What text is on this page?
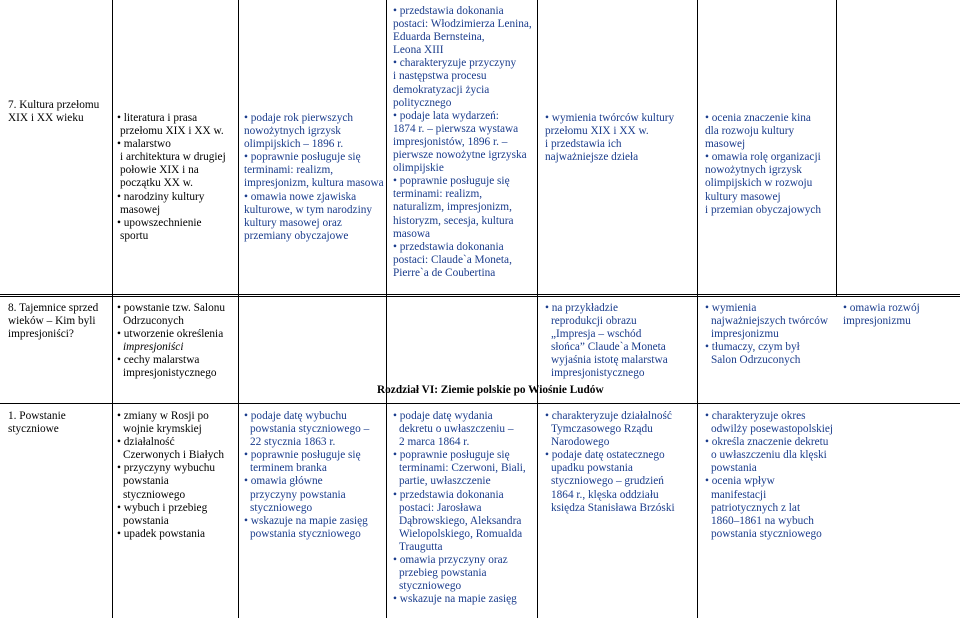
7. Kultura przełomu
XIX i XX wieku
•	literatura i prasa
przełomu XIX i XX w.
• malarstwo
i architektura w drugiej
połowie XIX i na
początku XX w.
• narodziny kultury
masowej
• upowszechnienie
sportu
• podaje rok pierwszych
nowożytnych igrzysk
olimpijskich – 1896 r.
• poprawnie posługuje się
terminami: realizm,
impresjonizm, kultura masowa
• omawia nowe zjawiska
kulturowe, w tym narodziny
kultury masowej oraz
przemiany obyczajowe
• przedstawia dokonania
postaci: Włodzimierza Lenina,
Eduarda Bernsteina,
Leona XIII
• charakteryzuje przyczyny
i następstwa procesu
demokratyzacji życia
politycznego
• podaje lata wydarzeń:
1874 r. – pierwsza wystawa
impresjonistów, 1896 r. –
pierwsze nowożytne igrzyska
olimpijskie
• poprawnie posługuje się
terminami: realizm,
naturalizm, impresjonizm,
historyzm, secesja, kultura
masowa
• przedstawia dokonania
postaci: Claude`a Moneta,
Pierre`a de Coubertina
• wymienia twórców kultury
przełomu XIX i XX w.
i przedstawia ich
najważniejsze dzieła
• ocenia znaczenie kina
dla rozwoju kultury
masowej
• omawia rolę organizacji
nowożytnych igrzysk
olimpijskich w rozwoju
kultury masowej
i przemian obyczajowych
8. Tajemnice sprzed
wieków – Kim byli
impresjoniści?
• powstanie tzw. Salonu
Odrzuconych
• utworzenie określenia
impresjoniści
• cechy malarstwa
impresjonistycznego
• na przykładzie
reprodukcji obrazu
„Impresja – wschód
słońca” Claude`a Moneta
wyjaśnia istotę malarstwa
impresjonistycznego
• wymienia
najważniejszych twórców
impresjonizmu
• tłumaczy, czym był
Salon Odrzuconych
• omawia rozwój
impresjonizmu
Rozdział VI: Ziemie polskie po Wiośnie Ludów
1. Powstanie
styczniowe
• zmiany w Rosji po
wojnie krymskiej
• działalność
Czerwonych i Białych
• przyczyny wybuchu
powstania
styczniowego
• wybuch i przebieg
powstania
• upadek powstania
• podaje datę wybuchu
powstania styczniowego –
22 stycznia 1863 r.
• poprawnie posługuje się
terminem branka
• omawia główne
przyczyny powstania
styczniowego
• wskazuje na mapie zasięg
powstania styczniowego
• podaje datę wydania
dekretu o uwłaszczeniu –
2 marca 1864 r.
• poprawnie posługuje się
terminami: Czerwoni, Biali,
partie, uwłaszczenie
• przedstawia dokonania
postaci: Jarosława
Dąbrowskiego, Aleksandra
Wielopolskiego, Romualda
Traugutta
• omawia przyczyny oraz
przebieg powstania
styczniowego
• wskazuje na mapie zasięg
• charakteryzuje działalność
Tymczasowego Rządu
Narodowego
• podaje datę ostatecznego
upadku powstania
styczniowego – grudzień
1864 r., klęska oddziału
księdza Stanisława Brzóski
• charakteryzuje okres
odwilży posewastopolskiej
• określa znaczenie dekretu
o uwłaszczeniu dla klęski
powstania
• ocenia wpływ
manifestacji
patriotycznych z lat
1860–1861 na wybuch
powstania styczniowego
